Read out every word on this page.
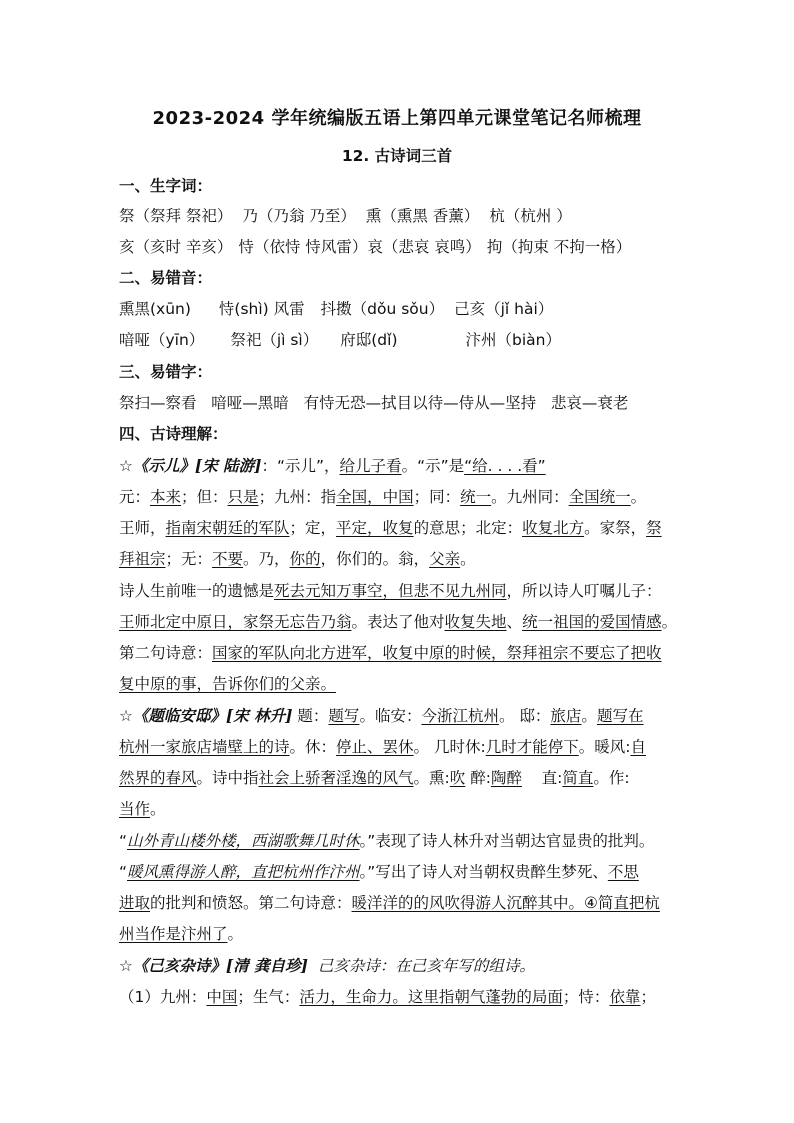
2023-2024 学年统编版五语上第四单元课堂笔记名师梳理
12. 古诗词三首
一、生字词：
祭（祭拜 祭祀） 乃（乃翁 乃至） 熏（熏黑 香薰） 杭（杭州 ）
亥（亥时 辛亥） 恃（依恃 恃风雷）哀（悲哀 哀鸣） 拘（拘束 不拘一格）
二、易错音：
熏黑(xūn) 恃(shì) 风雷 抖擞（dǒu sǒu） 己亥（jǐ hài）
喑哑（yīn） 祭祀（jì sì） 府邸(dǐ)	汴州（biàn）
三、易错字：
祭扫—察看   喑哑—黑暗   有恃无恐—拭目以待—侍从—坚持   悲哀—衰老
四、古诗理解：
☆《示儿》[宋 陆游]：“示儿”，给儿子看。“示”是“给. . . .看”
元：本来；但：只是；九州：指全国，中国；同：统一。九州同：全国统一。
王师，指南宋朝廷的军队；定，平定，收复的意思；北定：收复北方。家祭，祭
拜祖宗；无：不要。乃，你的，你们的。翁，父亲。
诗人生前唯一的遗憾是死去元知万事空，但悲不见九州同，所以诗人叮嘱儿子：
王师北定中原日，家祭无忘告乃翁。表达了他对收复失地、统一祖国的爱国情感。
第二句诗意：国家的军队向北方进军，收复中原的时候，祭拜祖宗不要忘了把收
复中原的事，告诉你们的父亲。
☆《题临安邸》[宋 林升] 题：题写。临安：今浙江杭州。 邸：旅店。题写在
杭州一家旅店墙壁上的诗。休：停止、罢休。 几时休:几时才能停下。暖风:自
然界的春风。诗中指社会上骄奢淫逸的风气。熏:吹 醉:陶醉    直:简直。作:
当作。
“山外青山楼外楼，西湖歌舞几时休。”表现了诗人林升对当朝达官显贵的批判。
“暖风熏得游人醉，直把杭州作汴州。”写出了诗人对当朝权贵醉生梦死、不思
进取的批判和愤怒。第二句诗意：暖洋洋的的风吹得游人沉醉其中。④简直把杭
州当作是汴州了。
☆《己亥杂诗》[清 龚自珍]  己亥杂诗：在己亥年写的组诗。
（1）九州：中国；生气：活力，生命力。这里指朝气蓬勃的局面；恃：依靠；
